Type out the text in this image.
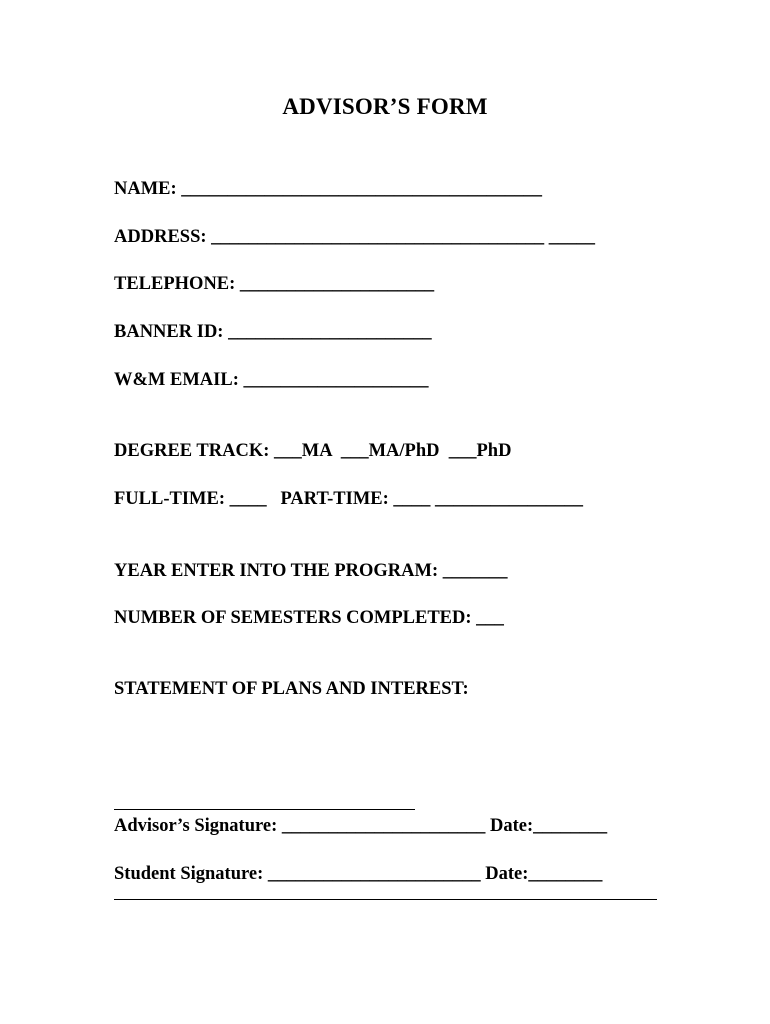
ADVISOR’S FORM
NAME: _______________________________________
ADDRESS: ____________________________________ _____
TELEPHONE: _____________________
BANNER ID: ______________________
W&M EMAIL: ____________________
DEGREE TRACK: ___MA  ___MA/PhD  ___PhD
FULL-TIME: ____   PART-TIME: ____ ________________
YEAR ENTER INTO THE PROGRAM: _______
NUMBER OF SEMESTERS COMPLETED: ___
STATEMENT OF PLANS AND INTEREST:
Advisor’s Signature: ______________________ Date:________
Student Signature: _______________________ Date:________
